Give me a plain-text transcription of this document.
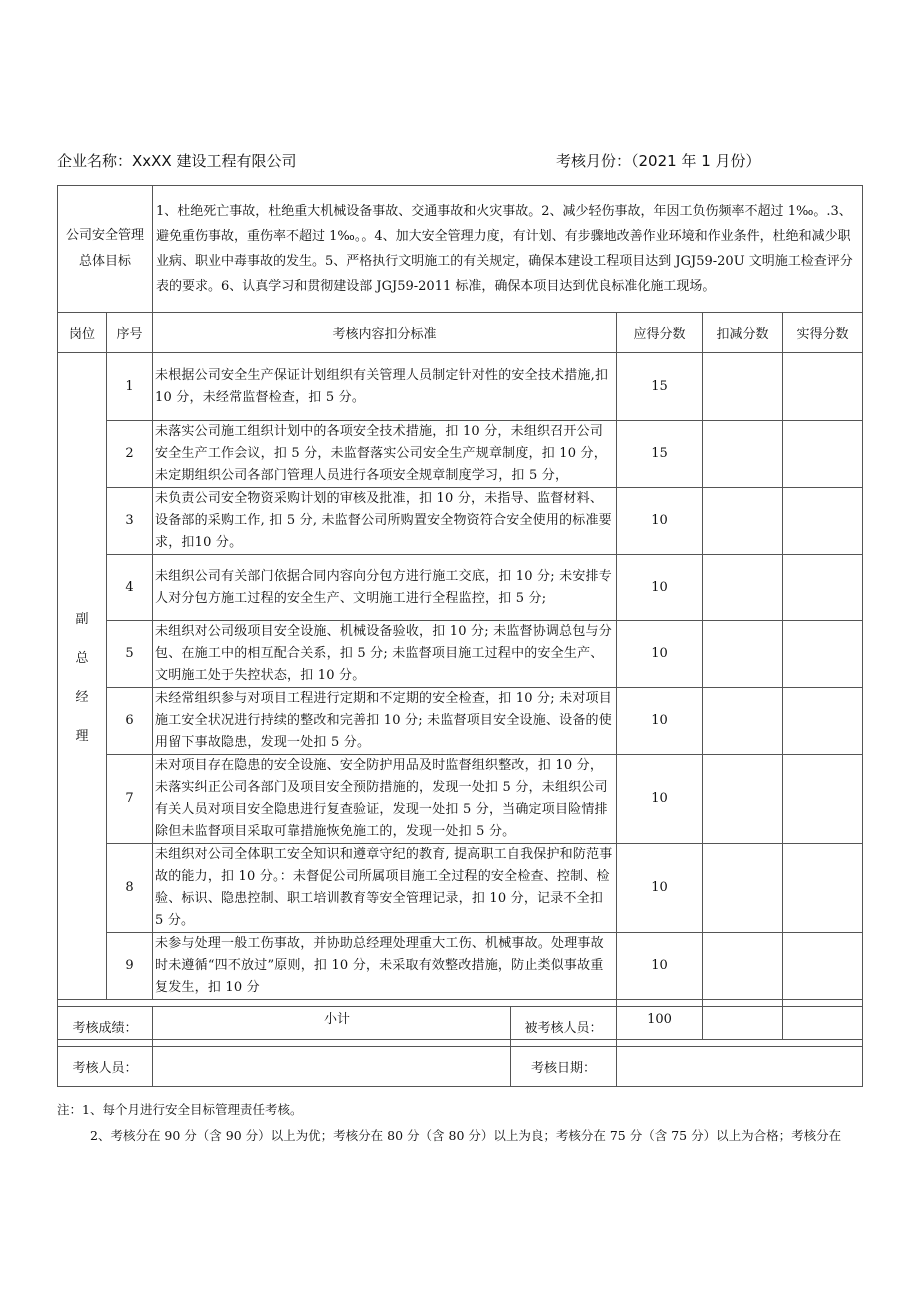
企业名称：XxXX 建设工程有限公司	考核月份：（2021 年 1 月份）
公司安全管理总体目标		1、杜绝死亡事故，杜绝重大机械设备事故、交通事故和火灾事故。2、减少轻伤事故，年因工负伤频率不超过 1‰。.3、避免重伤事故，重伤率不超过 1‰。。4、加大安全管理力度，有计划、有步骤地改善作业环境和作业条件，杜绝和减少职业病、职业中毒事故的发生。5、严格执行文明施工的有关规定，确保本建设工程项目达到 JGJ59-20U 文明施工检查评分表的要求。6、认真学习和贯彻建设部 JGJ59-2011 标准，确保本项目达到优良标准化施工现场。			
岗位	序号	考核内容扣分标准	应得分数	扣减分数	实得分数

副
总
经
理	1	未根据公司安全生产保证计划组织有关管理人员制定针对性的安全技术措施,扣10 分，未经常监督检查，扣 5 分。	15		
	2	未落实公司施工组织计划中的各项安全技术措施，扣 10 分，未组织召开公司安全生产工作会议，扣 5 分，未监督落实公司安全生产规章制度，扣 10 分，未定期组织公司各部门管理人员进行各项安全规章制度学习，扣 5 分，	15		
	3	未负责公司安全物资采购计划的审核及批准，扣 10 分，未指导、监督材料、设备部的采购工作, 扣 5 分, 未监督公司所购置安全物资符合安全使用的标准要求，扣10 分。	10		
	4	未组织公司有关部门依据合同内容向分包方进行施工交底，扣 10 分; 未安排专人对分包方施工过程的安全生产、文明施工进行全程监控，扣 5 分;	10		
	5	未组织对公司级项目安全设施、机械设备验收，扣 10 分; 未监督协调总包与分包、在施工中的相互配合关系，扣 5 分; 未监督项目施工过程中的安全生产、文明施工处于失控状态，扣 10 分。	10		
	6	未经常组织参与对项目工程进行定期和不定期的安全检查，扣 10 分; 未对项目施工安全状况进行持续的整改和完善扣 10 分; 未监督项目安全设施、设备的使用留下事故隐患，发现一处扣 5 分。	10		
	7	未对项目存在隐患的安全设施、安全防护用品及时监督组织整改，扣 10 分，未落实纠正公司各部门及项目安全预防措施的，发现一处扣 5 分，未组织公司有关人员对项目安全隐患进行复查验证，发现一处扣 5 分，当确定项目险情排除但未监督项目采取可靠措施恢免施工的，发现一处扣 5 分。	10		
	8	未组织对公司全体职工安全知识和遵章守纪的教育, 提高职工自我保护和防范事故的能力，扣 10 分。：未督促公司所属项目施工全过程的安全检查、控制、检验、标识、隐患控制、职工培训教育等安全管理记录，扣 10 分，记录不全扣 5 分。	10		
	9	未参与处理一般工伤事故，并协助总经理处理重大工伤、机械事故。处理事故时未遵循“四不放过”原则，扣 10 分，未采取有效整改措施，防止类似事故重复发生，扣 10 分	10		
小计			100		
考核成绩：		被考核人员：	
考核人员：		考核日期：	
注：1、每个月进行安全目标管理责任考核。
2、考核分在 90 分（含 90 分）以上为优；考核分在 80 分（含 80 分）以上为良；考核分在 75 分（含 75 分）以上为合格；考核分在
